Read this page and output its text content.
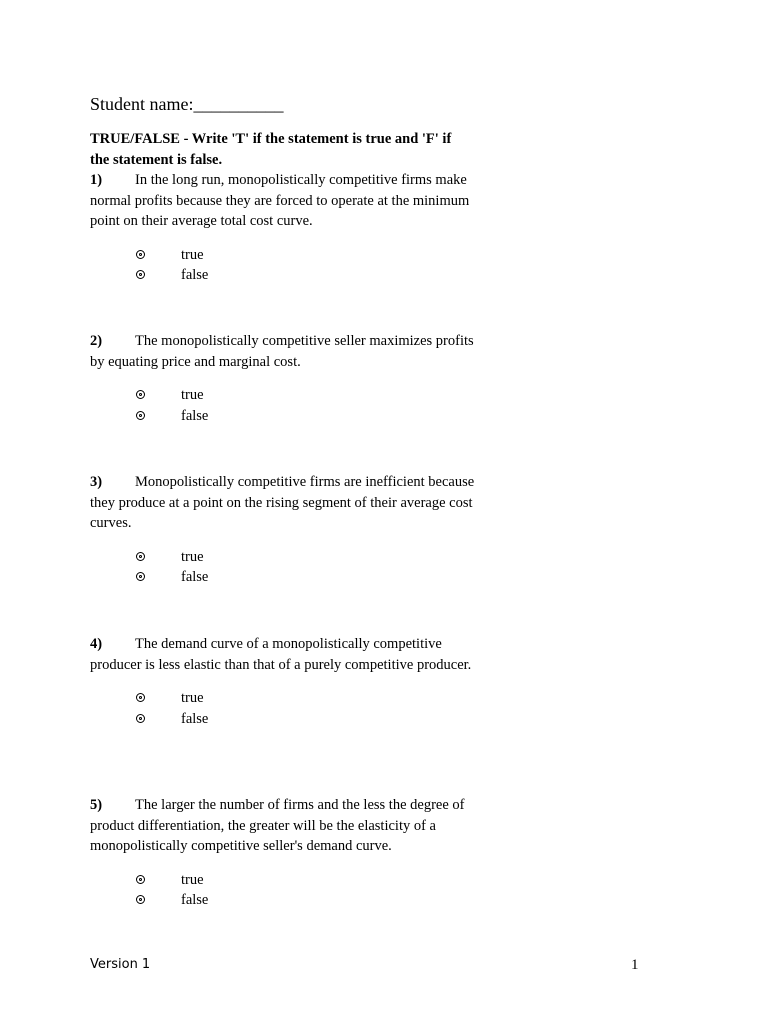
Student name:__________
TRUE/FALSE - Write 'T' if the statement is true and 'F' if the statement is false.

1) In the long run, monopolistically competitive firms make normal profits because they are forced to operate at the minimum point on their average total cost curve.

true
false

2) The monopolistically competitive seller maximizes profits by equating price and marginal cost.

true
false

3) Monopolistically competitive firms are inefficient because they produce at a point on the rising segment of their average cost curves.

true
false

4) The demand curve of a monopolistically competitive producer is less elastic than that of a purely competitive producer.

true
false

5) The larger the number of firms and the less the degree of product differentiation, the greater will be the elasticity of a monopolistically competitive seller's demand curve.

true
false
Version 1	1
